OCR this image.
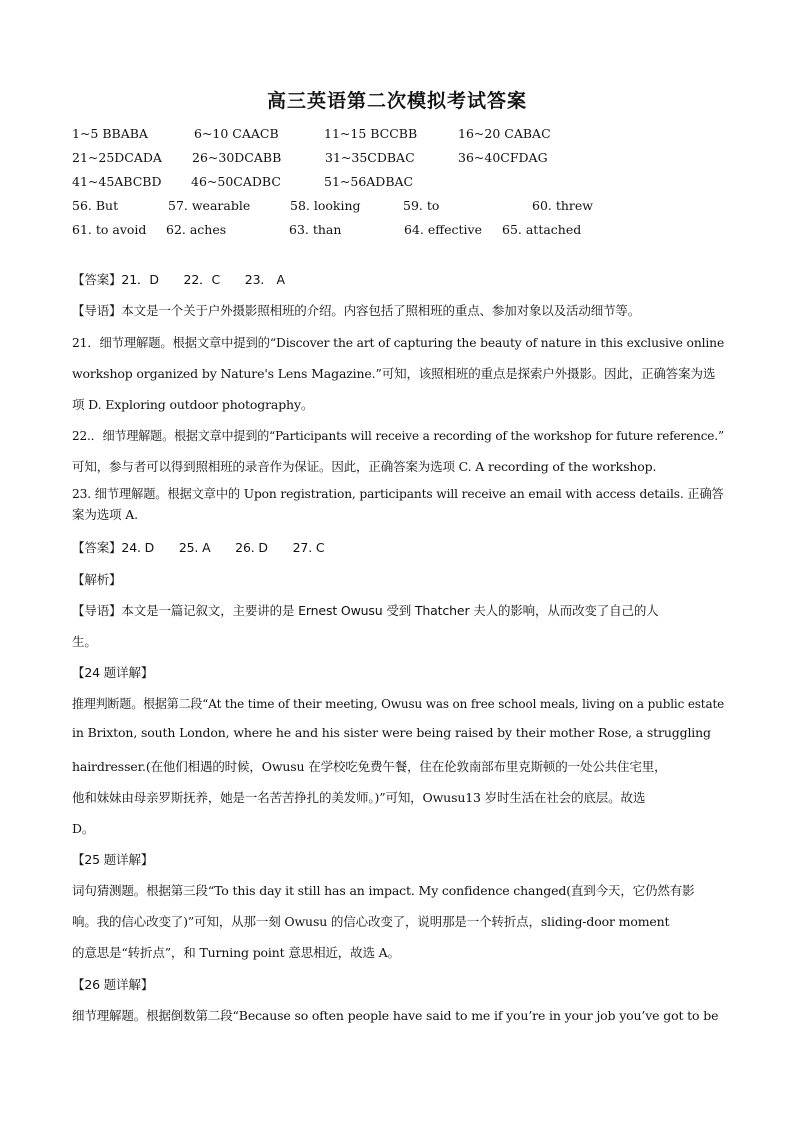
高三英语第二次模拟考试答案
1~5 BBABA	6~10 CAACB	11~15 BCCBB	16~20 CABAC
21~25DCADA 26~30DCABB	31~35CDBAC	36~40CFDAG
41~45ABCBD 46~50CADBC	51~56ADBAC
56. But	57. wearable	58. looking	59. to	60. threw
61. to avoid 62. aches	63. than	64. effective 65. attached
【答案】21．D　　22．C　　23.　A
【导语】本文是一个关于户外摄影照相班的介绍。内容包括了照相班的重点、参加对象以及活动细节等。
21．细节理解题。根据文章中提到的“Discover the art of capturing the beauty of nature in this exclusive online
workshop organized by Nature's Lens Magazine.”可知，该照相班的重点是探索户外摄影。因此，正确答案为选
项 D. Exploring outdoor photography。
22.．细节理解题。根据文章中提到的“Participants will receive a recording of the workshop for future reference.”
可知，参与者可以得到照相班的录音作为保证。因此，正确答案为选项 C. A recording of the workshop.
23. 细节理解题。根据文章中的 Upon registration, participants will receive an email with access details. 正确答
案为选项 A.
【答案】24. D　　25. A　　26. D　　27. C
【解析】
【导语】本文是一篇记叙文，主要讲的是 Ernest Owusu 受到 Thatcher 夫人的影响，从而改变了自己的人
生。
【24 题详解】
推理判断题。根据第二段“At the time of their meeting, Owusu was on free school meals, living on a public estate
in Brixton, south London, where he and his sister were being raised by their mother Rose, a struggling
hairdresser.(在他们相遇的时候，Owusu 在学校吃免费午餐，住在伦敦南部布里克斯顿的一处公共住宅里，
他和妹妹由母亲罗斯抚养，她是一名苦苦挣扎的美发师。)”可知，Owusu13 岁时生活在社会的底层。故选
D。
【25 题详解】
词句猜测题。根据第三段“To this day it still has an impact. My confidence changed(直到今天，它仍然有影
响。我的信心改变了)”可知，从那一刻 Owusu 的信心改变了，说明那是一个转折点，sliding-door moment
的意思是“转折点”，和 Turning point 意思相近，故选 A。
【26 题详解】
细节理解题。根据倒数第二段“Because so often people have said to me if you’re in your job you’ve got to be
